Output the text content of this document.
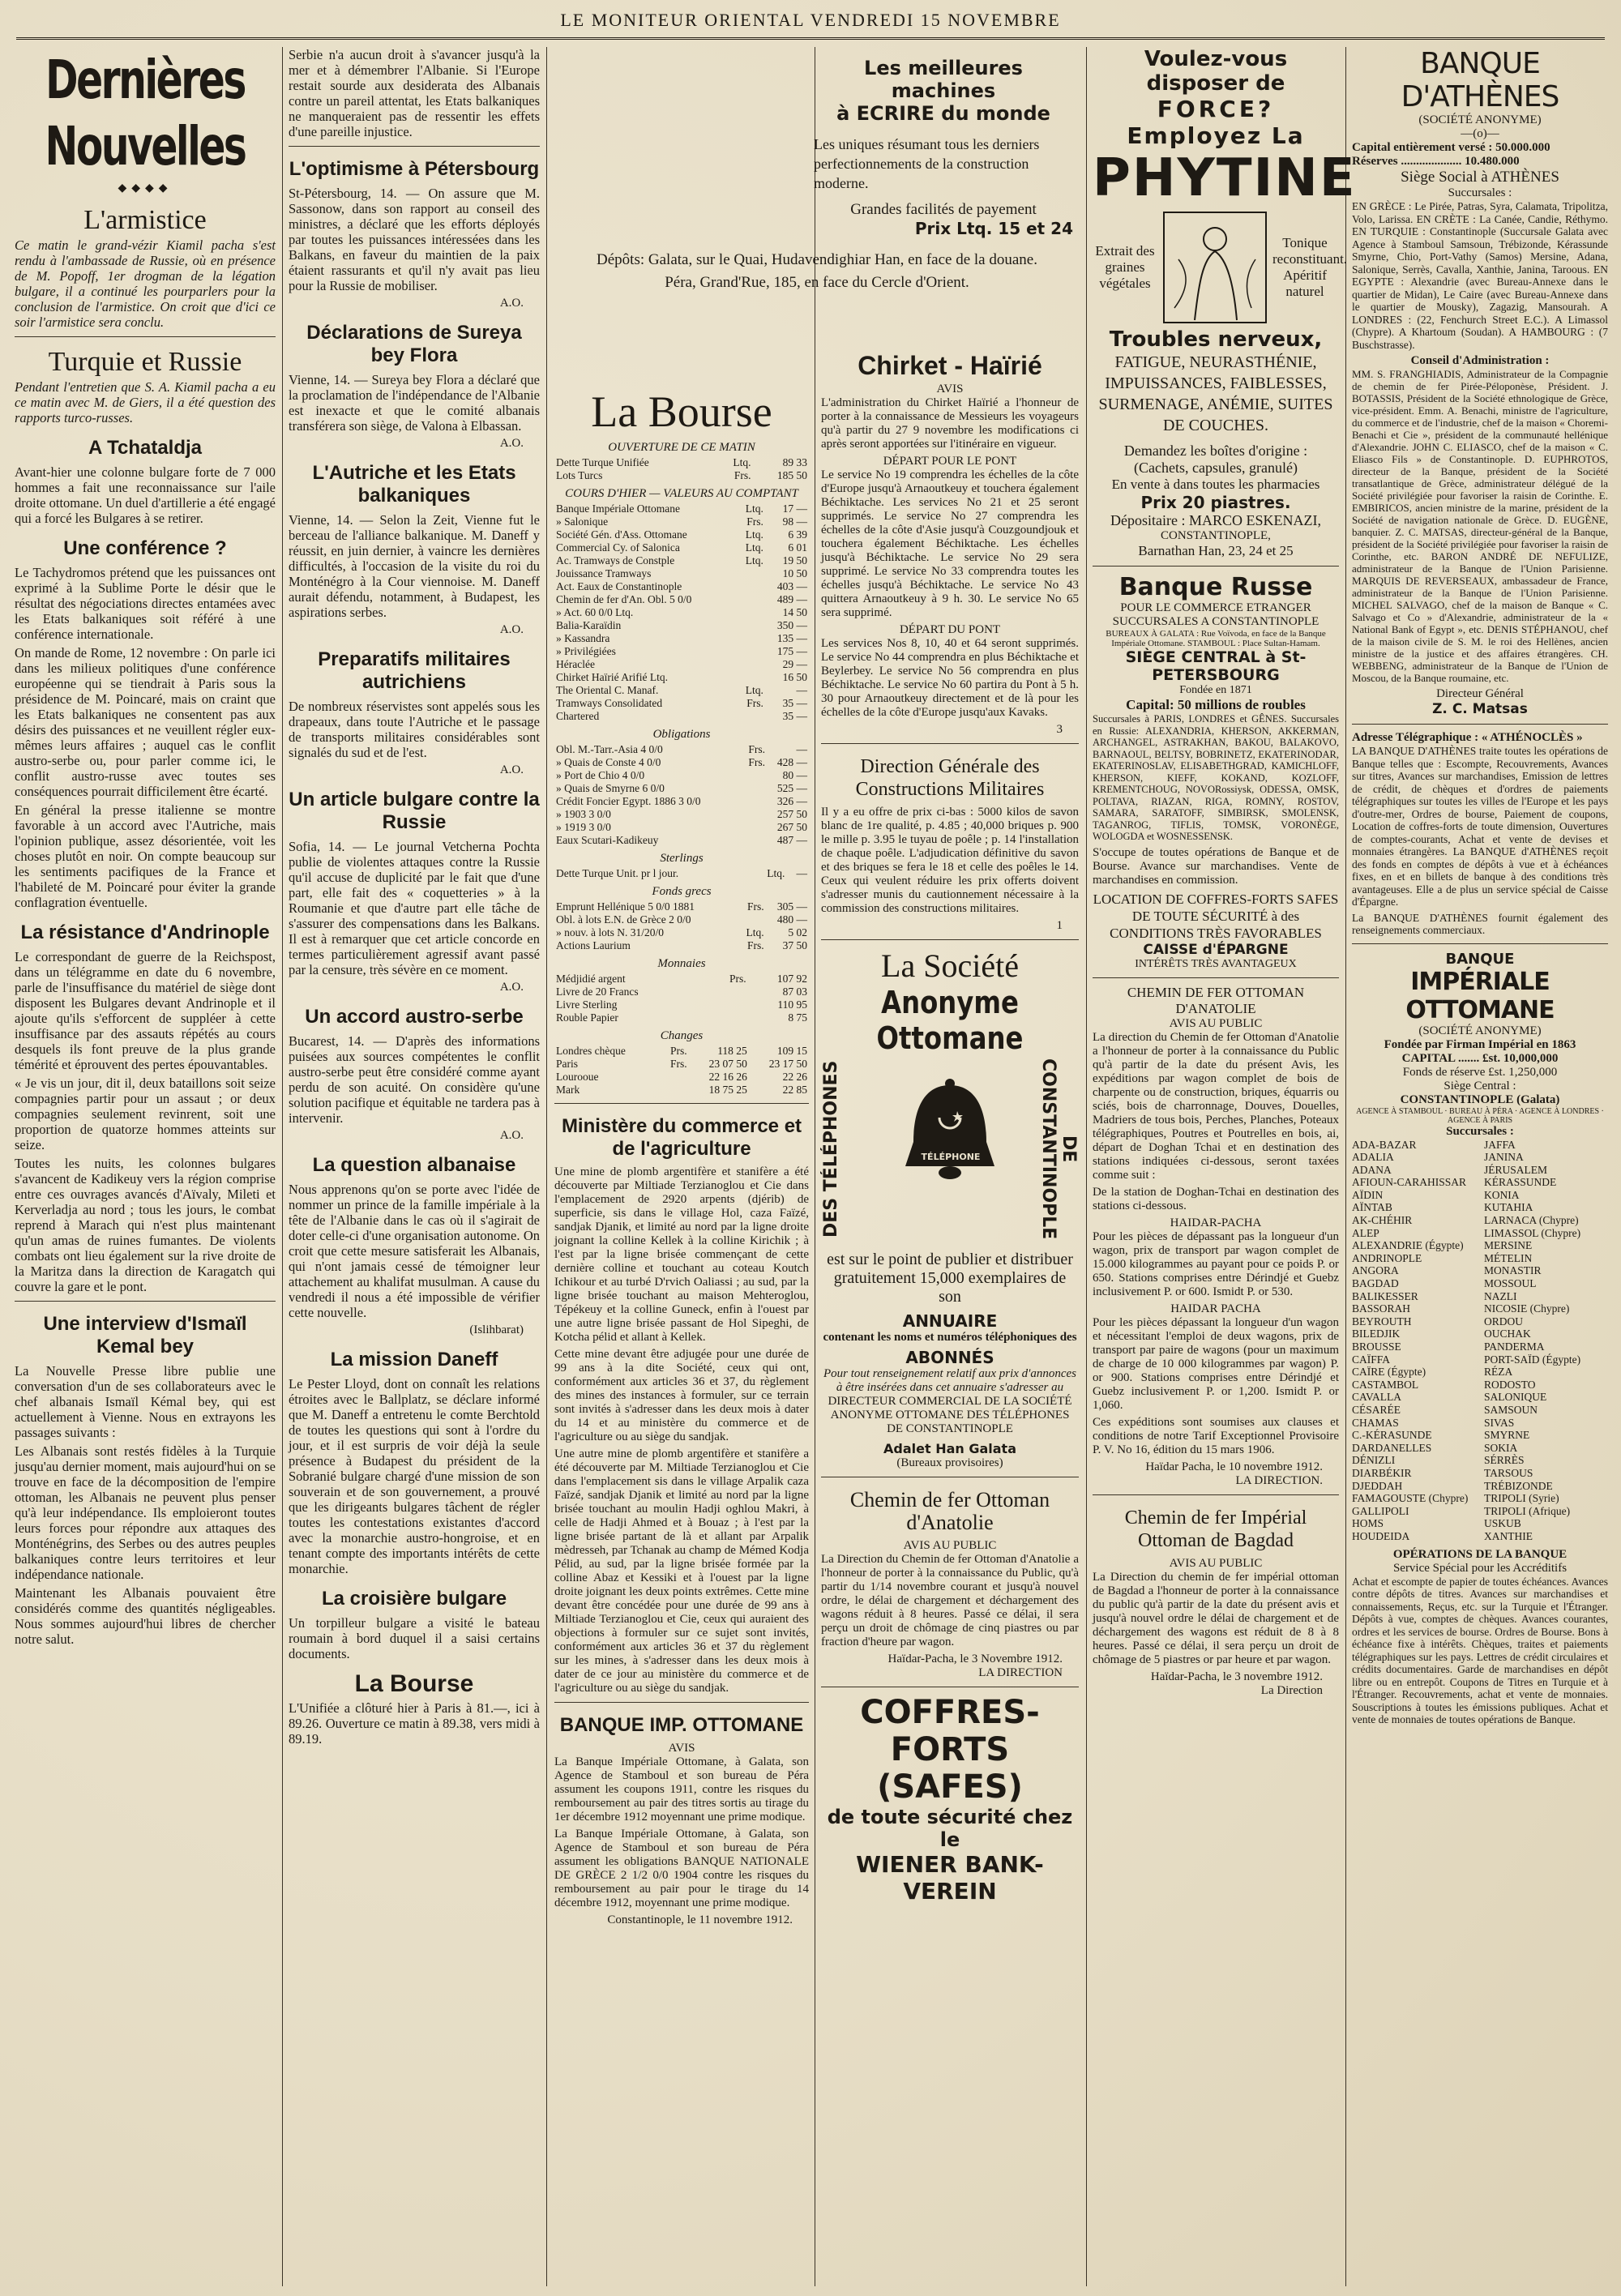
LE MONITEUR ORIENTAL VENDREDI 15 NOVEMBRE
Dernières Nouvelles
◆◆◆◆
L'armistice

Ce matin le grand-vézir Kiamil pacha s'est rendu à l'ambassade de Russie, où en présence de M. Popoff, 1er drogman de la légation bulgare, il a continué les pourparlers pour la conclusion de l'armistice. On croit que d'ici ce soir l'armistice sera conclu.

Turquie et Russie

Pendant l'entretien que S. A. Kiamil pacha a eu ce matin avec M. de Giers, il a été question des rapports turco-russes.

A Tchataldja

Avant-hier une colonne bulgare forte de 7 000 hommes a fait une reconnaissance sur l'aile droite ottomane. Un duel d'artillerie a été engagé qui a forcé les Bulgares à se retirer.

Une conférence ?

Le Tachydromos prétend que les puissances ont exprimé à la Sublime Porte le désir que le résultat des négociations directes entamées avec les Etats balkaniques soit référé à une conférence internationale.

On mande de Rome, 12 novembre : On parle ici dans les milieux politiques d'une conférence européenne qui se tiendrait à Paris sous la présidence de M. Poincaré, mais on craint que les Etats balkaniques ne consentent pas aux désirs des puissances et ne veuillent régler eux-mêmes leurs affaires ; auquel cas le conflit austro-serbe ou, pour parler comme ici, le conflit austro-russe avec toutes ses conséquences pourrait difficilement être écarté.

En général la presse italienne se montre favorable à un accord avec l'Autriche, mais l'opinion publique, assez désorientée, voit les choses plutôt en noir. On compte beaucoup sur les sentiments pacifiques de la France et l'habileté de M. Poincaré pour éviter la grande conflagration éventuelle.

La résistance d'Andrinople

Le correspondant de guerre de la Reichspost, dans un télégramme en date du 6 novembre, parle de l'insuffisance du matériel de siège dont disposent les Bulgares devant Andrinople et il ajoute qu'ils s'efforcent de suppléer à cette insuffisance par des assauts répétés au cours desquels ils font preuve de la plus grande témérité et éprouvent des pertes épouvantables.

« Je vis un jour, dit il, deux bataillons soit seize compagnies partir pour un assaut ; or deux compagnies seulement revinrent, soit une proportion de quatorze hommes atteints sur seize.

Toutes les nuits, les colonnes bulgares s'avancent de Kadikeuy vers la région comprise entre ces ouvrages avancés d'Aïvaly, Mileti et Kerverladja au nord ; tous les jours, le combat reprend à Marach qui n'est plus maintenant qu'un amas de ruines fumantes. De violents combats ont lieu également sur la rive droite de la Maritza dans la direction de Karagatch qui couvre la gare et le pont.

Une interview d'Ismaïl Kemal bey

La Nouvelle Presse libre publie une conversation d'un de ses collaborateurs avec le chef albanais Ismaïl Kémal bey, qui est actuellement à Vienne. Nous en extrayons les passages suivants :

Les Albanais sont restés fidèles à la Turquie jusqu'au dernier moment, mais aujourd'hui on se trouve en face de la décomposition de l'empire ottoman, les Albanais ne peuvent plus penser qu'à leur indépendance. Ils emploieront toutes leurs forces pour répondre aux attaques des Monténégrins, des Serbes ou des autres peuples balkaniques contre leurs territoires et leur indépendance nationale.

Maintenant les Albanais pouvaient être considérés comme des quantités négligeables. Nous sommes aujourd'hui libres de chercher notre salut.

Serbie n'a aucun droit à s'avancer jusqu'à la mer et à démembrer l'Albanie. Si l'Europe restait sourde aux desiderata des Albanais contre un pareil attentat, les Etats balkaniques ne manqueraient pas de ressentir les effets d'une pareille injustice.

L'optimisme à Pétersbourg

St-Pétersbourg, 14. — On assure que M. Sassonow, dans son rapport au conseil des ministres, a déclaré que les efforts déployés par toutes les puissances intéressées dans les Balkans, en faveur du maintien de la paix étaient rassurants et qu'il n'y avait pas lieu pour la Russie de mobiliser.

A.O.
Déclarations de Sureya bey Flora

Vienne, 14. — Sureya bey Flora a déclaré que la proclamation de l'indépendance de l'Albanie est inexacte et que le comité albanais transférera son siège, de Valona à Elbassan.

A.O.
L'Autriche et les Etats balkaniques

Vienne, 14. — Selon la Zeit, Vienne fut le berceau de l'alliance balkanique. M. Daneff y réussit, en juin dernier, à vaincre les dernières difficultés, à l'occasion de la visite du roi du Monténégro à la Cour viennoise. M. Daneff aurait défendu, notamment, à Budapest, les aspirations serbes.

A.O.
Preparatifs militaires autrichiens

De nombreux réservistes sont appelés sous les drapeaux, dans toute l'Autriche et le passage de transports militaires considérables sont signalés du sud et de l'est.

A.O.
Un article bulgare contre la Russie

Sofia, 14. — Le journal Vetcherna Pochta publie de violentes attaques contre la Russie qu'il accuse de duplicité par le fait que d'une part, elle fait des « coquetteries » à la Roumanie et que d'autre part elle tâche de s'assurer des compensations dans les Balkans. Il est à remarquer que cet article concorde en termes particulièrement agressif avant passé par la censure, très sévère en ce moment.

A.O.
Un accord austro-serbe

Bucarest, 14. — D'après des informations puisées aux sources compétentes le conflit austro-serbe peut être considéré comme ayant perdu de son acuité. On considère qu'une solution pacifique et équitable ne tardera pas à intervenir.

A.O.
La question albanaise

Nous apprenons qu'on se porte avec l'idée de nommer un prince de la famille impériale à la tête de l'Albanie dans le cas où il s'agirait de doter celle-ci d'une organisation autonome. On croit que cette mesure satisferait les Albanais, qui n'ont jamais cessé de témoigner leur attachement au khalifat musulman. A cause du vendredi il nous a été impossible de vérifier cette nouvelle.

(Islihbarat)
La mission Daneff

Le Pester Lloyd, dont on connaît les relations étroites avec le Ballplatz, se déclare informé que M. Daneff a entretenu le comte Berchtold de toutes les questions qui sont à l'ordre du jour, et il est surpris de voir déjà la seule présence à Budapest du président de la Sobranié bulgare chargé d'une mission de son souverain et de son gouvernement, a prouvé que les dirigeants bulgares tâchent de régler toutes les contestations existantes d'accord avec la monarchie austro-hongroise, et en tenant compte des importants intérêts de cette monarchie.

La croisière bulgare

Un torpilleur bulgare a visité le bateau roumain à bord duquel il a saisi certains documents.

La Bourse

L'Unifiée a clôturé hier à Paris à 81.—, ici à 89.26. Ouverture ce matin à 89.38, vers midi à 89.19.

La Bourse
OUVERTURE DE CE MATIN
Dette Turque Unifiée	Ltq.	89 33
Lots Turcs	Frs.	185 50
COURS D'HIER — VALEURS AU COMPTANT
Banque Impériale Ottomane	Ltq.	17 —
» Salonique	Frs.	98 —
Société Gén. d'Ass. Ottomane	Ltq.	6 39
Commercial Cy. of Salonica	Ltq.	6 01
Ac. Tramways de Constple	Ltq.	19 50
Jouissance Tramways		10 50
Act. Eaux de Constantinople		403 —
Chemin de fer d'An. Obl. 5 0/0		489 —
» Act. 60 0/0 Ltq.		14 50
Balia-Karaïdin		350 —
» Kassandra		135 —
» Privilégiées		175 —
Héraclée		29 —
Chirket Haïrié Arifié Ltq.		16 50
The Oriental C. Manaf.	Ltq.	—
Tramways Consolidated	Frs.	35 —
Chartered		35 —
Obligations
Obl. M.-Tarr.-Asia 4 0/0	Frs.	—
» Quais de Conste 4 0/0	Frs.	428 —
» Port de Chio 4 0/0		80 —
» Quais de Smyrne 6 0/0		525 —
Crédit Foncier Egypt. 1886 3 0/0		326 —
» 1903 3 0/0		257 50
» 1919 3 0/0		267 50
Eaux Scutari-Kadikeuy		487 —
Sterlings
Dette Turque Unit. pr l jour.	Ltq.	—
Fonds grecs
Emprunt Hellénique 5 0/0 1881	Frs.	305 —
Obl. à lots E.N. de Grèce 2 0/0		480 —
» nouv. à lots N. 31/20/0	Ltq.	5 02
Actions Laurium	Frs.	37 50
Monnaies
Médjidié argent	Prs.	107 92
Livre de 20 Francs		87 03
Livre Sterling		110 95
Rouble Papier		8 75
Changes
Londres chèque	Prs.	118 25	109 15
Paris	Frs.	23 07 50	23 17 50
Lourooue		22 16 26	22 26
Mark		18 75 25	22 85
Ministère du commerce et de l'agriculture

Une mine de plomb argentifère et stanifère a été découverte par Miltiade Terzianoglou et Cie dans l'emplacement de 2920 arpents (djérib) de superficie, sis dans le village Hol, caza Faïzé, sandjak Djanik, et limité au nord par la ligne droite joignant la colline Kellek à la colline Kirichik ; à l'est par la ligne brisée commençant de cette dernière colline et touchant au coteau Koutch Ichikour et au turbé D'rvich Oaliassi ; au sud, par la ligne brisée touchant au maison Mehteroglou, Tépékeuy et la colline Guneck, enfin à l'ouest par une autre ligne brisée passant de Hol Sipeghi, de Kotcha pélid et allant à Kellek.

Cette mine devant être adjugée pour une durée de 99 ans à la dite Société, ceux qui ont, conformément aux articles 36 et 37, du règlement des mines des instances à formuler, sur ce terrain sont invités à s'adresser dans les deux mois à dater du 14 et au ministère du commerce et de l'agriculture ou au siège du sandjak.

Une autre mine de plomb argentifère et stanifère a été découverte par M. Miltiade Terzianoglou et Cie dans l'emplacement sis dans le village Arpalik caza Faïzé, sandjak Djanik et limité au nord par la ligne brisée touchant au moulin Hadji oghlou Makri, à celle de Hadji Ahmed et à Bouaz ; à l'est par la ligne brisée partant de là et allant par Arpalik mèdresseh, par Tchanak au champ de Mémed Kodja Pélid, au sud, par la ligne brisée formée par la colline Abaz et Kessiki et à l'ouest par la ligne droite joignant les deux points extrêmes. Cette mine devant être concédée pour une durée de 99 ans à Miltiade Terzianoglou et Cie, ceux qui auraient des objections à formuler sur ce sujet sont invités, conformément aux articles 36 et 37 du règlement sur les mines, à s'adresser dans les deux mois à dater de ce jour au ministère du commerce et de l'agriculture ou au siège du sandjak.

BANQUE IMP. OTTOMANE
AVIS

La Banque Impériale Ottomane, à Galata, son Agence de Stamboul et son bureau de Péra assument les coupons 1911, contre les risques du remboursement au pair des titres sortis au tirage du 1er décembre 1912 moyennant une prime modique.

La Banque Impériale Ottomane, à Galata, son Agence de Stamboul et son bureau de Péra assument les obligations BANQUE NATIONALE DE GRÈCE 2 1/2 0/0 1904 contre les risques du remboursement au pair pour le tirage du 14 décembre 1912, moyennant une prime modique.

Constantinople, le 11 novembre 1912.
Les meilleures machines
à ECRIRE du monde

Les uniques résumant tous les derniers perfectionnements de la construction moderne.

Grandes facilités de payement
Prix Ltq. 15 et 24
Dépôts: Galata, sur le Quai, Hudavendighiar Han, en face de la douane.
Péra, Grand'Rue, 185, en face du Cercle d'Orient.
Chirket - Haïrié
AVIS

L'administration du Chirket Haïrié a l'honneur de porter à la connaissance de Messieurs les voyageurs qu'à partir du 27 9 novembre les modifications ci après seront apportées sur l'itinéraire en vigueur.

DÉPART POUR LE PONT

Le service No 19 comprendra les échelles de la côte d'Europe jusqu'à Arnaoutkeuy et touchera également Béchiktache. Les services No 21 et 25 seront supprimés. Le service No 27 comprendra les échelles de la côte d'Asie jusqu'à Couzgoundjouk et touchera également Béchiktache. Les échelles jusqu'à Béchiktache. Le service No 29 sera supprimé. Le service No 33 comprendra toutes les échelles jusqu'à Béchiktache. Le service No 43 quittera Arnaoutkeuy à 9 h. 30. Le service No 65 sera supprimé.

DÉPART DU PONT

Les services Nos 8, 10, 40 et 64 seront supprimés. Le service No 44 comprendra en plus Béchiktache et Beylerbey. Le service No 56 comprendra en plus Béchiktache. Le service No 60 partira du Pont à 5 h. 30 pour Arnaoutkeuy directement et de là pour les échelles de la côte d'Europe jusqu'aux Kavaks.

3
Direction Générale des Constructions Militaires

Il y a eu offre de prix ci-bas : 5000 kilos de savon blanc de 1re qualité, p. 4.85 ; 40,000 briques p. 900 le mille p. 3.95 le tuyau de poêle ; p. 14 l'installation de chaque poêle. L'adjudication définitive du savon et des briques se fera le 18 et celle des poêles le 14. Ceux qui veulent réduire les prix offerts doivent s'adresser munis du cautionnement nécessaire à la commission des constructions militaires.

1
La Société
Anonyme Ottomane
DES TÉLÉPHONES	DE CONSTANTINOPLE
TÉLÉPHONE
est sur le point de publier et distribuer gratuitement 15,000 exemplaires de son
ANNUAIRE
contenant les noms et numéros téléphoniques des
ABONNÉS
Pour tout renseignement relatif aux prix d'annonces à être insérées dans cet annuaire s'adresser au
DIRECTEUR COMMERCIAL DE LA SOCIÉTÉ ANONYME OTTOMANE DES TÉLÉPHONES DE CONSTANTINOPLE
Adalet Han Galata
(Bureaux provisoires)
Chemin de fer Ottoman d'Anatolie
AVIS AU PUBLIC

La Direction du Chemin de fer Ottoman d'Anatolie a l'honneur de porter à la connaissance du Public, qu'à partir du 1/14 novembre courant et jusqu'à nouvel ordre, le délai de chargement et déchargement des wagons réduit à 8 heures. Passé ce délai, il sera perçu un droit de chômage de cinq piastres ou par fraction d'heure par wagon.

Haïdar-Pacha, le 3 Novembre 1912.
LA DIRECTION
COFFRES-FORTS
(SAFES)
de toute sécurité chez le
WIENER BANK-VEREIN
Voulez-vous disposer de
FORCE?
Employez La
PHYTINE
Extrait des graines végétales
Tonique reconstituant. Apéritif naturel
Troubles nerveux,
FATIGUE, NEURASTHÉNIE, IMPUISSANCES, FAIBLESSES, SURMENAGE, ANÉMIE, SUITES DE COUCHES.
Demandez les boîtes d'origine :
(Cachets, capsules, granulé)
En vente à dans toutes les pharmacies
Prix 20 piastres.
Dépositaire : MARCO ESKENAZI,
CONSTANTINOPLE,
Barnathan Han, 23, 24 et 25
Banque Russe
POUR LE COMMERCE ETRANGER
SUCCURSALES A CONSTANTINOPLE
BUREAUX À GALATA : Rue Voïvoda, en face de la Banque Impériale Ottomane. STAMBOUL : Place Sultan-Hamam.
SIÈGE CENTRAL à St-PETERSBOURG
Fondée en 1871
Capital: 50 millions de roubles

Succursales à PARIS, LONDRES et GÊNES. Succursales en Russie: ALEXANDRIA, KHERSON, AKKERMAN, ARCHANGEL, ASTRAKHAN, BAKOU, BALAKOVO, BARNAOUL, BELTSY, BOBRINETZ, EKATERINODAR, EKATERINOSLAV, ELISABETHGRAD, KAMICHLOFF, KHERSON, KIEFF, KOKAND, KOZLOFF, KREMENTCHOUG, NOVORossiysk, ODESSA, OMSK, POLTAVA, RIAZAN, RIGA, ROMNY, ROSTOV, SAMARA, SARATOFF, SIMBIRSK, SMOLENSK, TAGANROG, TIFLIS, TOMSK, VORONÈGE, WOLOGDA et WOSNESSENSK.

S'occupe de toutes opérations de Banque et de Bourse. Avance sur marchandises. Vente de marchandises en commission.

LOCATION DE COFFRES-FORTS SAFES DE TOUTE SÉCURITÉ à des CONDITIONS TRÈS FAVORABLES
CAISSE d'ÉPARGNE
INTÉRÊTS TRÈS AVANTAGEUX
CHEMIN DE FER OTTOMAN D'ANATOLIE
AVIS AU PUBLIC

La direction du Chemin de fer Ottoman d'Anatolie a l'honneur de porter à la connaissance du Public qu'à partir de la date du présent Avis, les expéditions par wagon complet de bois de charpente ou de construction, briques, équarris ou sciés, bois de charronnage, Douves, Douelles, Madriers de tous bois, Perches, Planches, Poteaux télégraphiques, Poutres et Poutrelles en bois, ai, départ de Doghan Tchai et en destination des stations indiquées ci-dessous, seront taxées comme suit :

De la station de Doghan-Tchai en destination des stations ci-dessous.

HAIDAR-PACHA

Pour les pièces de dépassant pas la longueur d'un wagon, prix de transport par wagon complet de 15.000 kilogrammes au payant pour ce poids P. or 650. Stations comprises entre Dérindjé et Guebz inclusivement P. or 600. Ismidt P. or 530.

HAIDAR PACHA

Pour les pièces dépassant la longueur d'un wagon et nécessitant l'emploi de deux wagons, prix de transport par paire de wagons (pour un maximum de charge de 10 000 kilogrammes par wagon) P. or 900. Stations comprises entre Dérindjé et Guebz inclusivement P. or 1,200. Ismidt P. or 1,060.

Ces expéditions sont soumises aux clauses et conditions de notre Tarif Exceptionnel Provisoire P. V. No 16, édition du 15 mars 1906.

Haïdar Pacha, le 10 novembre 1912.
LA DIRECTION.
Chemin de fer Impérial Ottoman de Bagdad
AVIS AU PUBLIC

La Direction du chemin de fer impérial ottoman de Bagdad a l'honneur de porter à la connaissance du public qu'à partir de la date du présent avis et jusqu'à nouvel ordre le délai de chargement et de déchargement des wagons est réduit de 8 à 8 heures. Passé ce délai, il sera perçu un droit de chômage de 5 piastres or par heure et par wagon.

Haïdar-Pacha, le 3 novembre 1912.
La Direction
BANQUE D'ATHÈNES
(SOCIÉTÉ ANONYME)
—(o)—
Capital entièrement versé : 50.000.000
Réserves .................... 10.480.000
Siège Social à ATHÈNES
Succursales :

EN GRÈCE : Le Pirée, Patras, Syra, Calamata, Tripolitza, Volo, Larissa. EN CRÈTE : La Canée, Candie, Réthymo. EN TURQUIE : Constantinople (Succursale Galata avec Agence à Stamboul Samsoun, Trébizonde, Kérassunde Smyrne, Chio, Port-Vathy (Samos) Mersine, Adana, Salonique, Serrès, Cavalla, Xanthie, Janina, Taroous. EN EGYPTE : Alexandrie (avec Bureau-Annexe dans le quartier de Midan), Le Caire (avec Bureau-Annexe dans le quartier de Mousky), Zagazig, Mansourah. A LONDRES : (22, Fenchurch Street E.C.). A Limassol (Chypre). A Khartoum (Soudan). A HAMBOURG : (7 Buschstrasse).

Conseil d'Administration :

MM. S. FRANGHIADIS, Administrateur de la Compagnie de chemin de fer Pirée-Péloponèse, Président. J. BOTASSIS, Président de la Société ethnologique de Grèce, vice-président. Emm. A. Benachi, ministre de l'agriculture, du commerce et de l'industrie, chef de la maison « Choremi-Benachi et Cie », président de la communauté hellénique d'Alexandrie. JOHN C. ELIASCO, chef de la maison « C. Eliasco Fils » de Constantinople. D. EUPHROTOS, directeur de la Banque, président de la Société transatlantique de Grèce, administrateur délégué de la Société privilégiée pour favoriser la raisin de Corinthe. E. EMBIRICOS, ancien ministre de la marine, président de la Société de navigation nationale de Grèce. D. EUGÈNE, banquier. Z. C. MATSAS, directeur-général de la Banque, président de la Société privilégiée pour favoriser la raisin de Corinthe, etc. BARON ANDRÉ DE NEFULIZE, administrateur de la Banque de l'Union Parisienne. MARQUIS DE REVERSEAUX, ambassadeur de France, administrateur de la Banque de l'Union Parisienne. MICHEL SALVAGO, chef de la maison de Banque « C. Salvago et Co » d'Alexandrie, administrateur de la « National Bank of Egypt », etc. DENIS STÉPHANOU, chef de la maison civile de S. M. le roi des Hellènes, ancien ministre de la justice et des affaires étrangères. CH. WEBBENG, administrateur de la Banque de l'Union de Moscou, de la Banque roumaine, etc.

Directeur Général
Z. C. Matsas
Adresse Télégraphique : « ATHÉNOCLÈS »

LA BANQUE D'ATHÈNES traite toutes les opérations de Banque telles que : Escompte, Recouvrements, Avances sur titres, Avances sur marchandises, Emission de lettres de crédit, de chèques et d'ordres de paiements télégraphiques sur toutes les villes de l'Europe et les pays d'outre-mer, Ordres de bourse, Paiement de coupons, Location de coffres-forts de toute dimension, Ouvertures de comptes-courants, Achat et vente de devises et monnaies étrangères. La BANQUE d'ATHÈNES reçoit des fonds en comptes de dépôts à vue et à échéances fixes, en et en billets de banque à des conditions très avantageuses. Elle a de plus un service spécial de Caisse d'Épargne.

La BANQUE D'ATHÈNES fournit également des renseignements commerciaux.

BANQUE
IMPÉRIALE OTTOMANE
(SOCIÉTÉ ANONYME)
Fondée par Firman Impérial en 1863
CAPITAL ....... £st. 10,000,000
Fonds de réserve £st. 1,250,000
Siège Central :
CONSTANTINOPLE (Galata)
AGENCE À STAMBOUL · BUREAU À PÉRA · AGENCE À LONDRES · AGENCE À PARIS
Succursales :
ADA-BAZAR
ADALIA
ADANA
AFIOUN-CARAHISSAR
AÏDIN
AÏNTAB
AK-CHÉHIR
ALEP
ALEXANDRIE (Égypte)
ANDRINOPLE
ANGORA
BAGDAD
BALIKESSER
BASSORAH
BEYROUTH
BILEDJIK
BROUSSE
CAÏFFA
CAÏRE (Égypte)
CASTAMBOL
CAVALLA
CÉSARÉE
CHAMAS
C.-KÉRASUNDE
DARDANELLES
DÉNIZLI
DIARBÉKIR
DJEDDAH
FAMAGOUSTE (Chypre)
GALLIPOLI
HOMS
HOUDEIDA
JAFFA
JANINA
JÉRUSALEM
KÉRASSUNDE
KONIA
KUTAHIA
LARNACA (Chypre)
LIMASSOL (Chypre)
MERSINE
MÉTELIN
MONASTIR
MOSSOUL
NAZLI
NICOSIE (Chypre)
ORDOU
OUCHAK
PANDERMA
PORT-SAÏD (Égypte)
RÉZA
RODOSTO
SALONIQUE
SAMSOUN
SIVAS
SMYRNE
SOKIA
SÉRRÈS
TARSOUS
TRÉBIZONDE
TRIPOLI (Syrie)
TRIPOLI (Afrique)
USKUB
XANTHIE
OPÉRATIONS DE LA BANQUE
Service Spécial pour les Accréditifs

Achat et escompte de papier de toutes échéances. Avances contre dépôts de titres. Avances sur marchandises et connaissements, Reçus, etc. sur la Turquie et l'Étranger. Dépôts à vue, comptes de chèques. Avances courantes, ordres et les services de bourse. Ordres de Bourse. Bons à échéance fixe à intérêts. Chèques, traites et paiements télégraphiques sur les pays. Lettres de crédit circulaires et crédits documentaires. Garde de marchandises en dépôt libre ou en entrepôt. Coupons de Titres en Turquie et à l'Étranger. Recouvrements, achat et vente de monnaies. Souscriptions à toutes les émissions publiques. Achat et vente de monnaies de toutes opérations de Banque.
